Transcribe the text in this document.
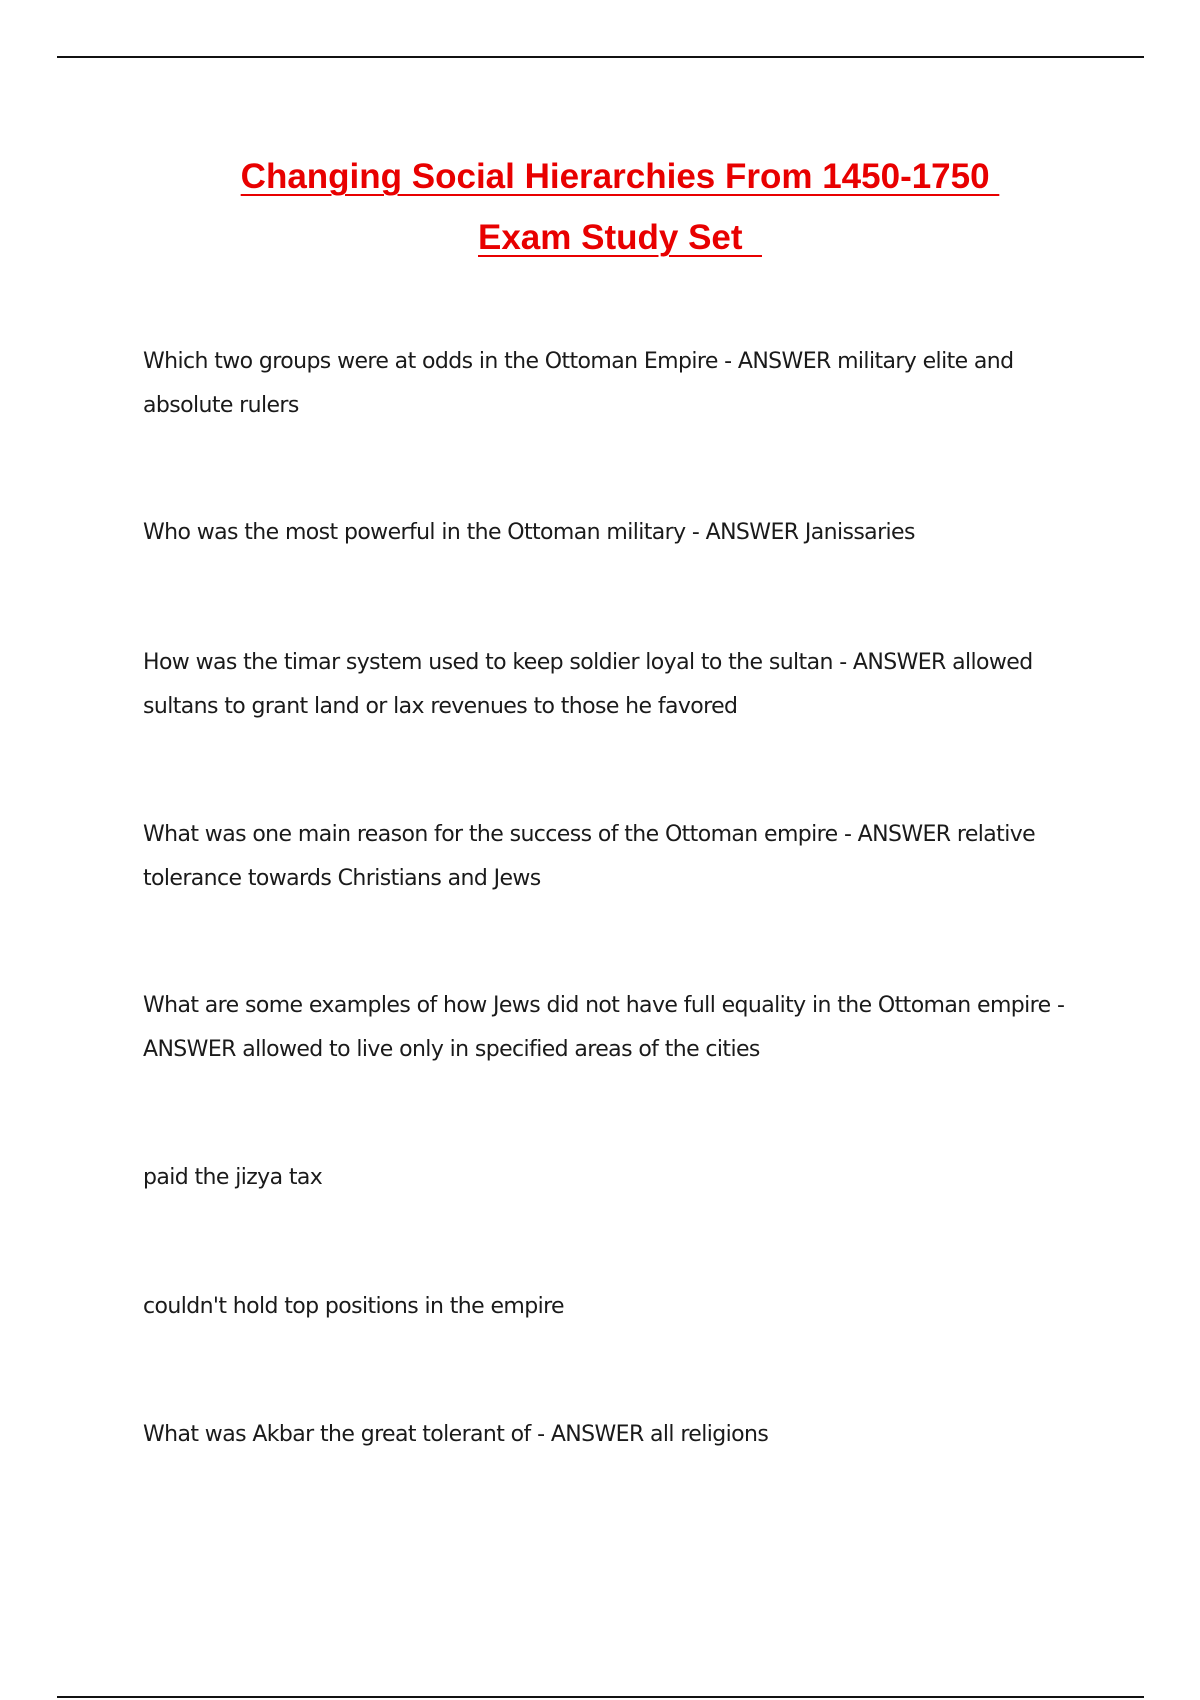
Changing Social Hierarchies From 1450-1750
Exam Study Set

Which two groups were at odds in the Ottoman Empire - ANSWER military elite and
absolute rulers

Who was the most powerful in the Ottoman military - ANSWER Janissaries

How was the timar system used to keep soldier loyal to the sultan - ANSWER allowed
sultans to grant land or lax revenues to those he favored

What was one main reason for the success of the Ottoman empire - ANSWER relative
tolerance towards Christians and Jews

What are some examples of how Jews did not have full equality in the Ottoman empire -
ANSWER allowed to live only in specified areas of the cities

paid the jizya tax

couldn't hold top positions in the empire

What was Akbar the great tolerant of - ANSWER all religions
